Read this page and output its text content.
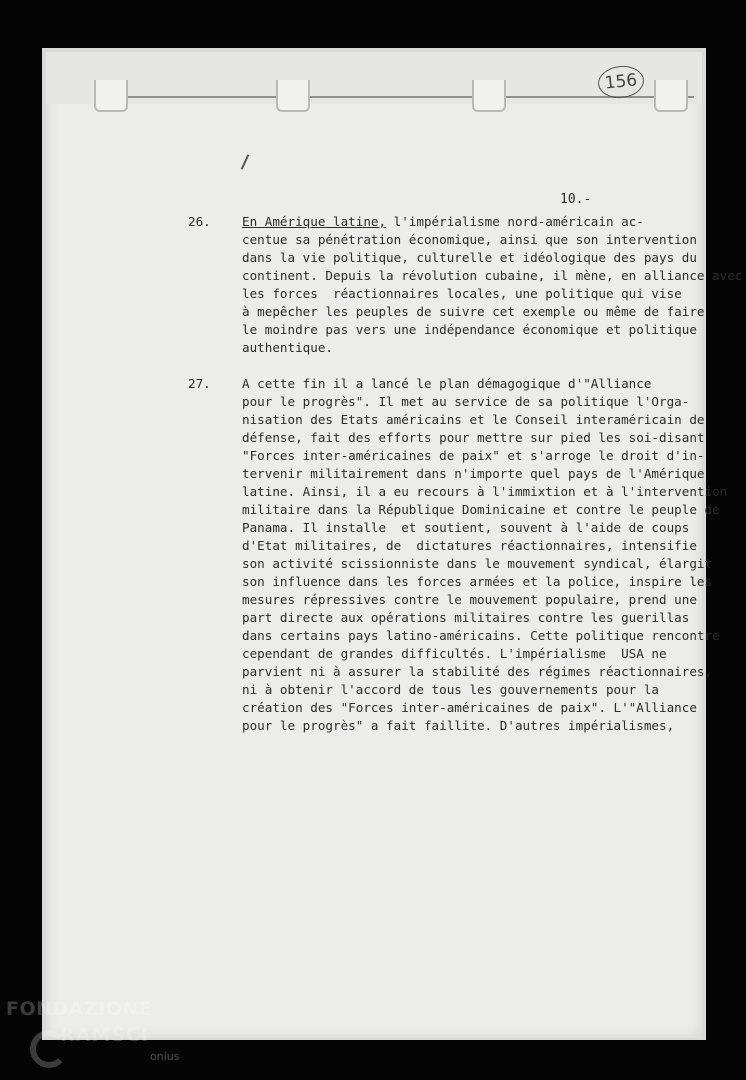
156
10.-
26. En Amérique latine, l'impérialisme nord-américain ac-
centue sa pénétration économique, ainsi que son intervention
dans la vie politique, culturelle et idéologique des pays du
continent. Depuis la révolution cubaine, il mène, en alliance avec
les forces  réactionnaires locales, une politique qui vise
à mepêcher les peuples de suivre cet exemple ou même de faire
le moindre pas vers une indépendance économique et politique
authentique.
27. A cette fin il a lancé le plan démagogique d'"Alliance
pour le progrès". Il met au service de sa politique l'Orga-
nisation des Etats américains et le Conseil interaméricain de
défense, fait des efforts pour mettre sur pied les soi-disant
"Forces inter-américaines de paix" et s'arroge le droit d'in-
tervenir militairement dans n'importe quel pays de l'Amérique
latine. Ainsi, il a eu recours à l'immixtion et à l'intervention
militaire dans la République Dominicaine et contre le peuple de
Panama. Il installe  et soutient, souvent à l'aide de coups
d'Etat militaires, de  dictatures réactionnaires, intensifie
son activité scissionniste dans le mouvement syndical, élargit
son influence dans les forces armées et la police, inspire les
mesures répressives contre le mouvement populaire, prend une
part directe aux opérations militaires contre les guerillas
dans certains pays latino-américains. Cette politique rencontre
cependant de grandes difficultés. L'impérialisme  USA ne
parvient ni à assurer la stabilité des régimes réactionnaires,
ni à obtenir l'accord de tous les gouvernements pour la
création des "Forces inter-américaines de paix". L'"Alliance
pour le progrès" a fait faillite. D'autres impérialismes,
FONDAZIONE
RAMSCI
onlus
